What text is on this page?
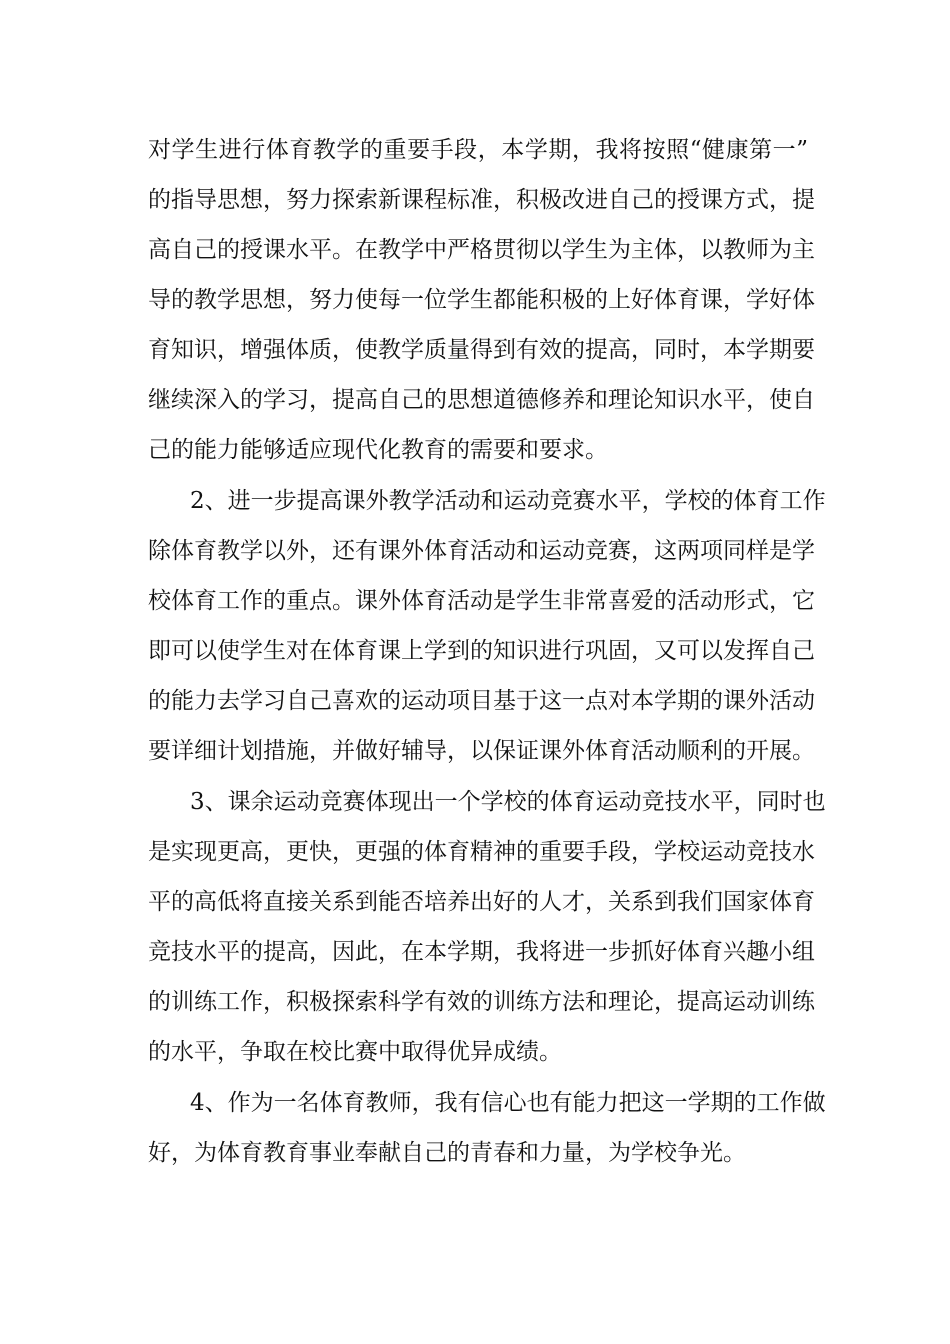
对学生进行体育教学的重要手段，本学期，我将按照“健康第一”
的指导思想，努力探索新课程标准，积极改进自己的授课方式，提
高自己的授课水平。在教学中严格贯彻以学生为主体，以教师为主
导的教学思想，努力使每一位学生都能积极的上好体育课，学好体
育知识，增强体质，使教学质量得到有效的提高，同时，本学期要
继续深入的学习，提高自己的思想道德修养和理论知识水平，使自
己的能力能够适应现代化教育的需要和要求。
2、进一步提高课外教学活动和运动竞赛水平，学校的体育工作
除体育教学以外，还有课外体育活动和运动竞赛，这两项同样是学
校体育工作的重点。课外体育活动是学生非常喜爱的活动形式，它
即可以使学生对在体育课上学到的知识进行巩固，又可以发挥自己
的能力去学习自己喜欢的运动项目基于这一点对本学期的课外活动
要详细计划措施，并做好辅导，以保证课外体育活动顺利的开展。
3、课余运动竞赛体现出一个学校的体育运动竞技水平，同时也
是实现更高，更快，更强的体育精神的重要手段，学校运动竞技水
平的高低将直接关系到能否培养出好的人才，关系到我们国家体育
竞技水平的提高，因此，在本学期，我将进一步抓好体育兴趣小组
的训练工作，积极探索科学有效的训练方法和理论，提高运动训练
的水平，争取在校比赛中取得优异成绩。
4、作为一名体育教师，我有信心也有能力把这一学期的工作做
好，为体育教育事业奉献自己的青春和力量，为学校争光。
